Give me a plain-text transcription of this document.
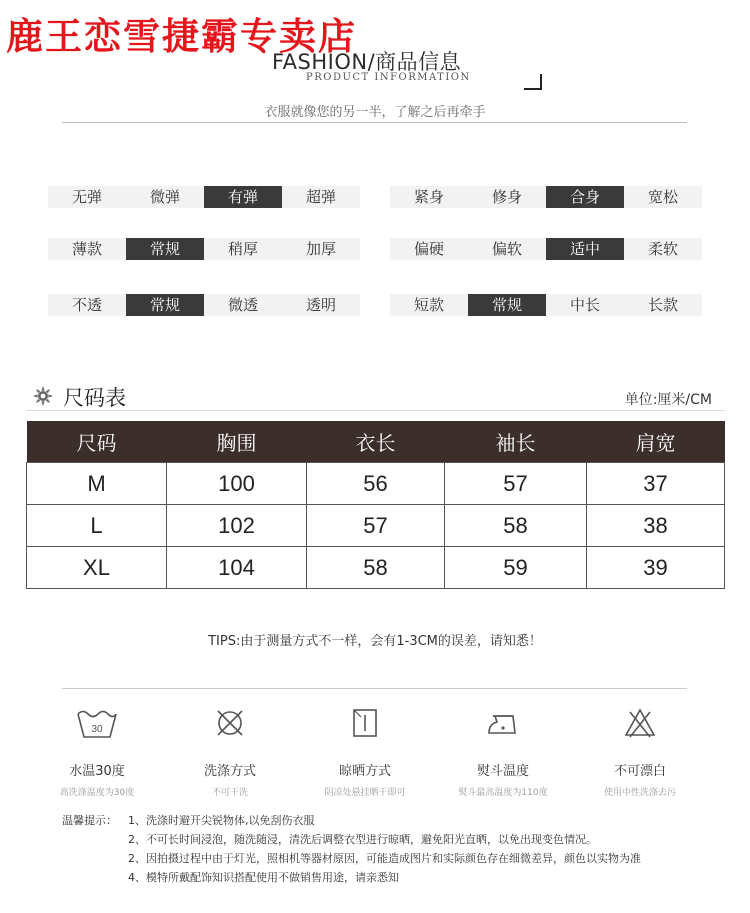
鹿王恋雪捷霸专卖店
FASHION/商品信息
PRODUCT INFORMATION
衣服就像您的另一半，了解之后再牵手
无弹	微弹	有弹	超弹	紧身	修身	合身	宽松
薄款	常规	稍厚	加厚	偏硬	偏软	适中	柔软
不透	常规	微透	透明	短款	常规	中长	长款
尺码表	单位:厘米/CM
尺码	胸围	衣长	袖长	肩宽
M	100	56	57	37
L	102	57	58	38
XL	104	58	59	39
TIPS:由于测量方式不一样，会有1-3CM的误差，请知悉！
30
水温30度
高洗涤温度为30度
洗涤方式
不可干洗
晾晒方式
阴凉处悬挂晒干即可
熨斗温度
熨斗最高温度为110度
不可漂白
使用中性洗涤去污
温馨提示：	1、洗涤时避开尖锐物体,以免刮伤衣服
2、不可长时间浸泡，随洗随浸，清洗后调整衣型进行晾晒，避免阳光直晒，以免出现变色情况。
2、因拍摄过程中由于灯光，照相机等器材原因，可能造成图片和实际颜色存在细微差异，颜色以实物为准
4、模特所戴配饰知识搭配使用不做销售用途，请亲悉知
